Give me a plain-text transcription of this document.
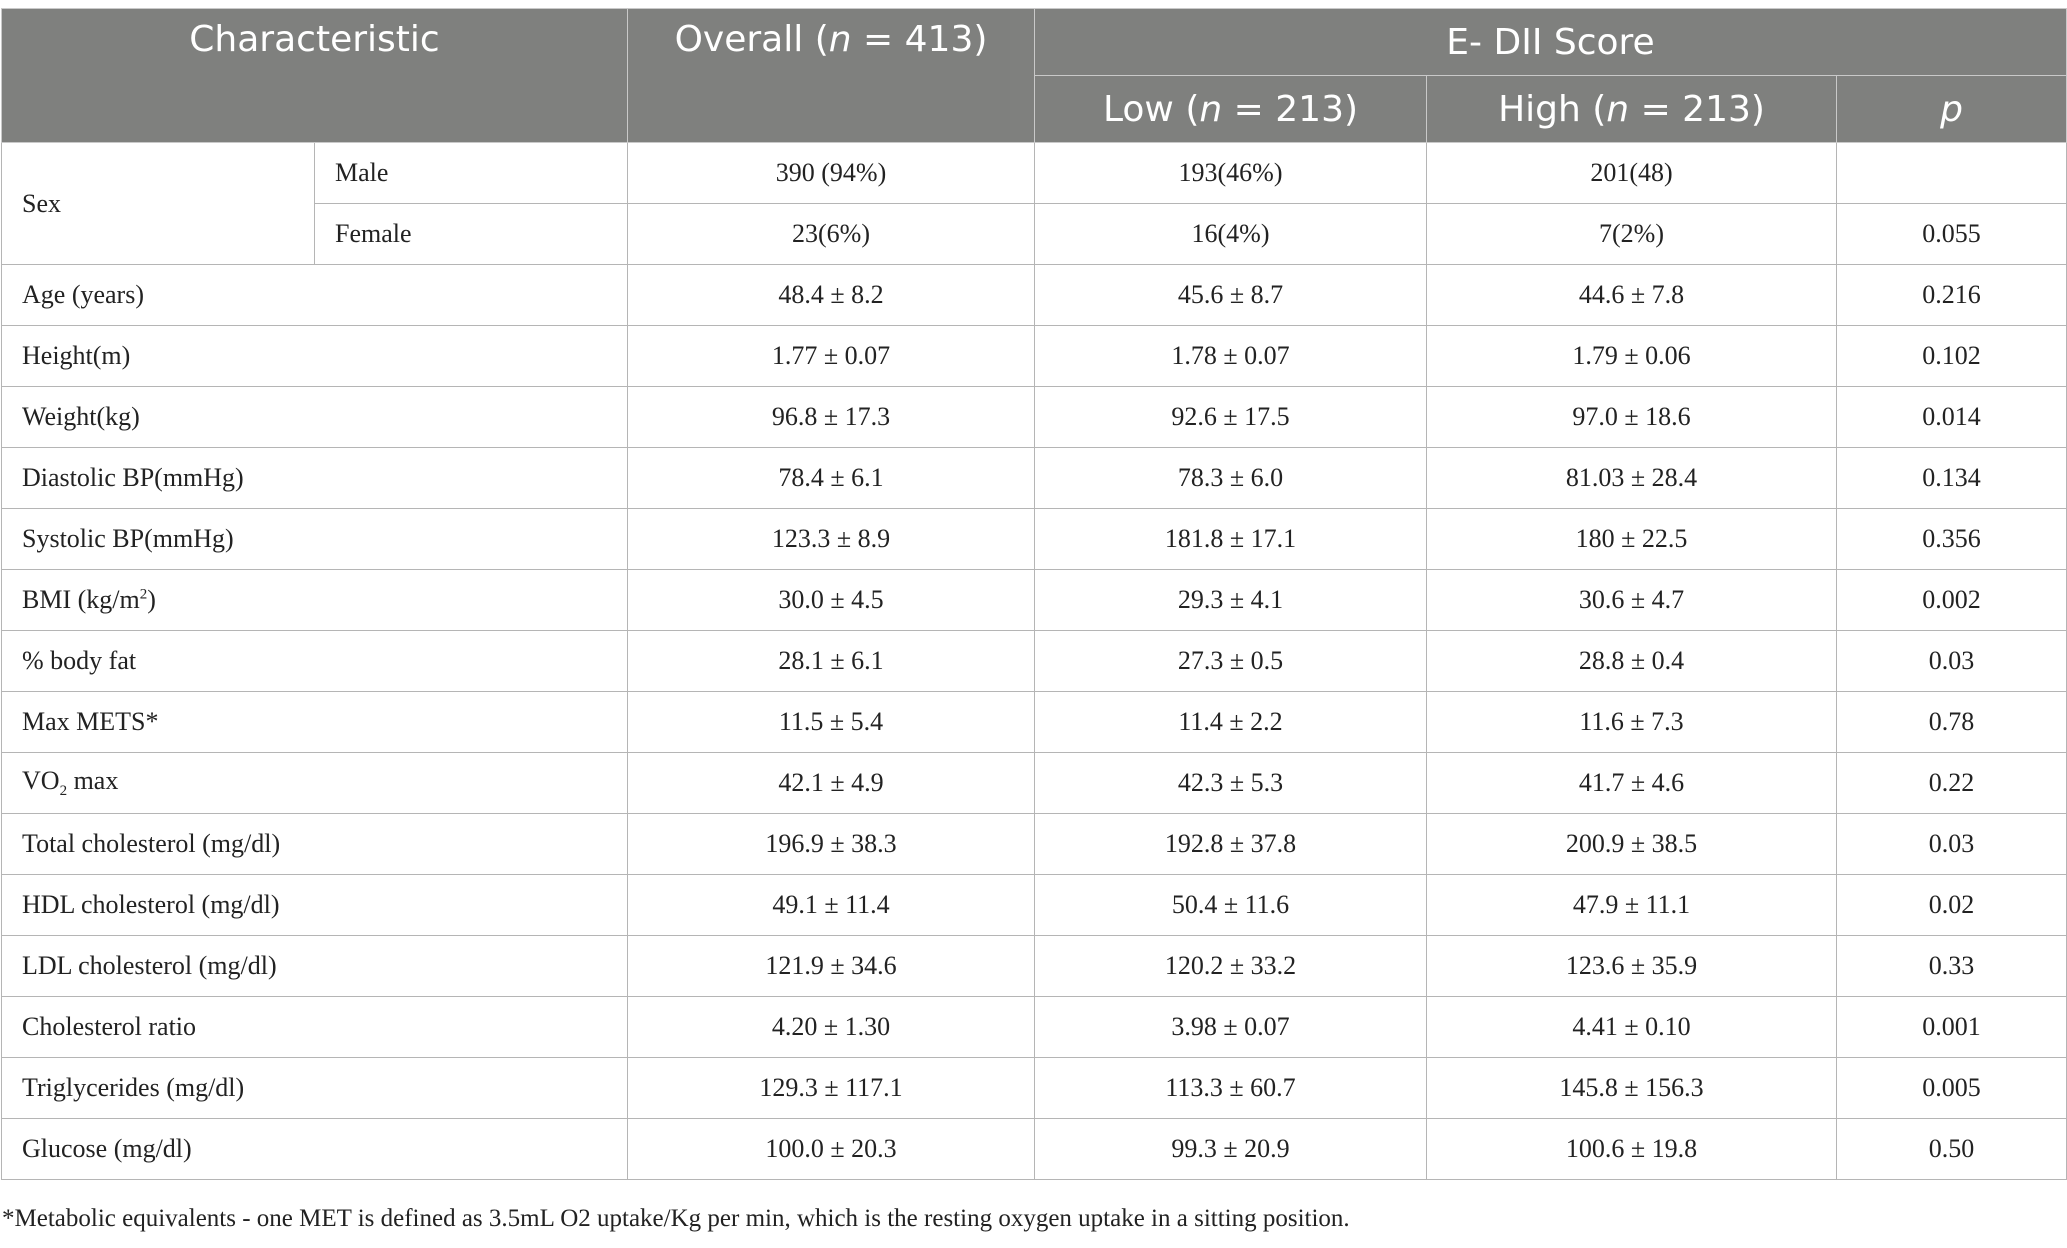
Characteristic		Overall (n = 413)	E- DII Score		
			Low (n = 213)	High (n = 213)	p
Sex	Male	390 (94%)	193(46%)	201(48)	
	Female	23(6%)	16(4%)	7(2%)	0.055
Age (years)		48.4 ± 8.2	45.6 ± 8.7	44.6 ± 7.8	0.216
Height(m)		1.77 ± 0.07	1.78 ± 0.07	1.79 ± 0.06	0.102
Weight(kg)		96.8 ± 17.3	92.6 ± 17.5	97.0 ± 18.6	0.014
Diastolic BP(mmHg)		78.4 ± 6.1	78.3 ± 6.0	81.03 ± 28.4	0.134
Systolic BP(mmHg)		123.3 ± 8.9	181.8 ± 17.1	180 ± 22.5	0.356
BMI $(kg/m^2)$		30.0 ± 4.5	29.3 ± 4.1	30.6 ± 4.7	0.002
% body fat		28.1 ± 6.1	27.3 ± 0.5	28.8 ± 0.4	0.03
Max METS*		11.5 ± 5.4	11.4 ± 2.2	11.6 ± 7.3	0.78
$VO_2$ max		42.1 ± 4.9	42.3 ± 5.3	41.7 ± 4.6	0.22
Total cholesterol (mg/dl)		196.9 ± 38.3	192.8 ± 37.8	200.9 ± 38.5	0.03
HDL cholesterol (mg/dl)		49.1 ± 11.4	50.4 ± 11.6	47.9 ± 11.1	0.02
LDL cholesterol (mg/dl)		121.9 ± 34.6	120.2 ± 33.2	123.6 ± 35.9	0.33
Cholesterol ratio		4.20 ± 1.30	3.98 ± 0.07	4.41 ± 0.10	0.001
Triglycerides (mg/dl)		129.3 ± 117.1	113.3 ± 60.7	145.8 ± 156.3	0.005
Glucose (mg/dl)		100.0 ± 20.3	99.3 ± 20.9	100.6 ± 19.8	0.50
*Metabolic equivalents - one MET is defined as 3.5mL O2 uptake/Kg per min, which is the resting oxygen uptake in a sitting position.
